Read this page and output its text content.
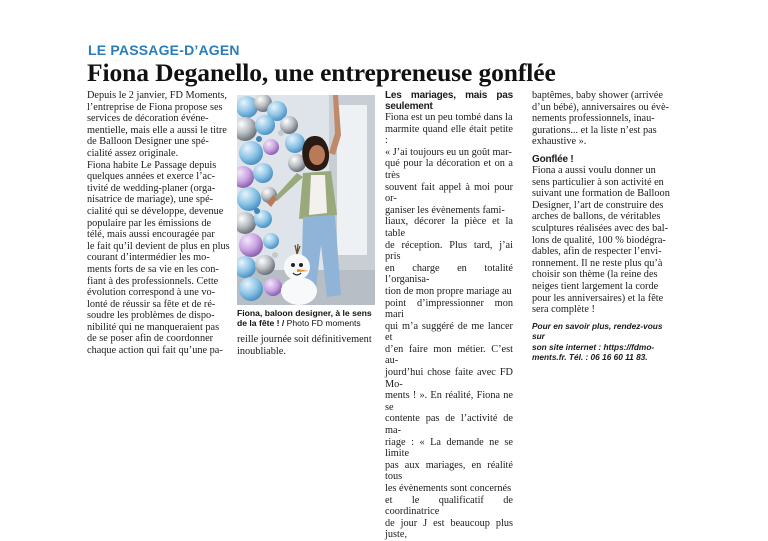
LE PASSAGE-D’AGEN
Fiona Deganello, une entrepreneuse gonflée

Depuis le 2 janvier, FD Moments,
l’entreprise de Fiona propose ses
services de décoration événe-
mentielle, mais elle a aussi le titre
de Balloon Designer une spé-
cialité assez originale.
Fiona habite Le Passage depuis
quelques années et exerce l’ac-
tivité de wedding-planer (orga-
nisatrice de mariage), une spé-
cialité qui se développe, devenue
populaire par les émissions de
télé, mais aussi encouragée par
le fait qu’il devient de plus en plus
courant d’intermédier les mo-
ments forts de sa vie en les con-
fiant à des professionnels. Cette
évolution correspond à une vo-
lonté de réussir sa fête et de ré-
soudre les problèmes de dispo-
nibilité qui ne manqueraient pas
de se poser afin de coordonner
chaque action qui fait qu’une pa-

Fiona, baloon designer, à le sens de la fête ! / Photo FD moments

reille journée soit définitivement
inoubliable.

Les mariages, mais pas seulement

Fiona est un peu tombé dans la
marmite quand elle était petite :
« J’ai toujours eu un goût mar-
qué pour la décoration et on a très
souvent fait appel à moi pour or-
ganiser les évènements fami-
liaux, décorer la pièce et la table
de réception. Plus tard, j’ai pris
en charge en totalité l’organisa-
tion de mon propre mariage au
point d’impressionner mon mari
qui m’a suggéré de me lancer et
d’en faire mon métier. C’est au-
jourd’hui chose faite avec FD Mo-
ments ! ». En réalité, Fiona ne se
contente pas de l’activité de ma-
riage : « La demande ne se limite
pas aux mariages, en réalité tous
les évènements sont concernés
et le qualificatif de coordinatrice
de jour J est beaucoup plus juste,

baptêmes, baby shower (arrivée
d’un bébé), anniversaires ou évè-
nements professionnels, inau-
gurations... et la liste n’est pas
exhaustive ».

Gonflée !

Fiona a aussi voulu donner un
sens particulier à son activité en
suivant une formation de Balloon
Designer, l’art de construire des
arches de ballons, de véritables
sculptures réalisées avec des bal-
lons de qualité, 100 % biodégra-
dables, afin de respecter l’envi-
ronnement. Il ne reste plus qu’à
choisir son thème (la reine des
neiges tient largement la corde
pour les anniversaires) et la fête
sera complète !

Pour en savoir plus, rendez-vous sur
son site internet : https://fdmo-
ments.fr. Tél. : 06 16 60 11 83.
